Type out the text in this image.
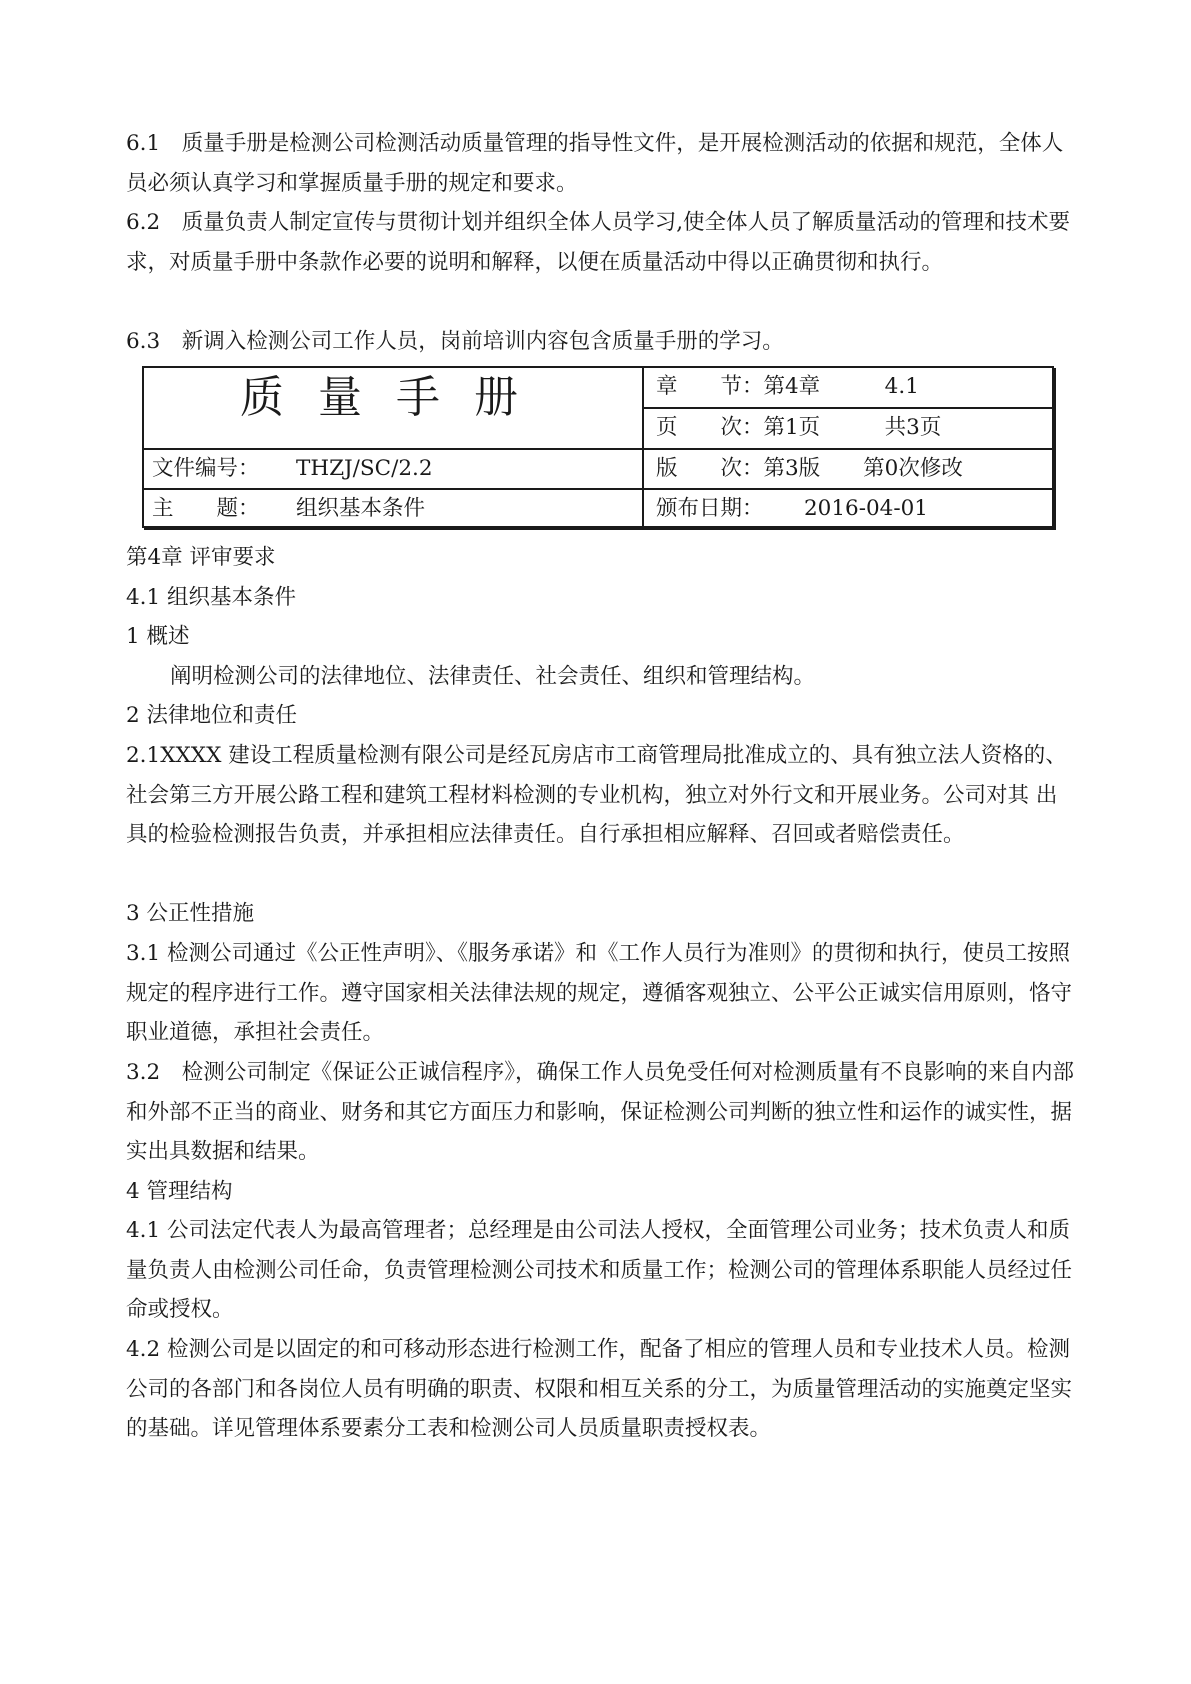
6.1　质量手册是检测公司检测活动质量管理的指导性文件，是开展检测活动的依据和规范，全体人员必须认真学习和掌握质量手册的规定和要求。

6.2　质量负责人制定宣传与贯彻计划并组织全体人员学习,使全体人员了解质量活动的管理和技术要求，对质量手册中条款作必要的说明和解释，以便在质量活动中得以正确贯彻和执行。

6.3　新调入检测公司工作人员，岗前培训内容包含质量手册的学习。

质量手册	章　　节：第4章　　　4.1
页　　次：第1页　　　共3页
文件编号： THZJ/SC/2.2	版　　次：第3版　　第0次修改
主　　题： 组织基本条件	颁布日期： 2016-04-01

第4章 评审要求

4.1 组织基本条件

1 概述

阐明检测公司的法律地位、法律责任、社会责任、组织和管理结构。

2 法律地位和责任

2.1XXXX 建设工程质量检测有限公司是经瓦房店市工商管理局批准成立的、具有独立法人资格的、社会第三方开展公路工程和建筑工程材料检测的专业机构，独立对外行文和开展业务。公司对其 出具的检验检测报告负责，并承担相应法律责任。自行承担相应解释、召回或者赔偿责任。

3 公正性措施

3.1 检测公司通过《公正性声明》、《服务承诺》和《工作人员行为准则》的贯彻和执行，使员工按照规定的程序进行工作。遵守国家相关法律法规的规定，遵循客观独立、公平公正诚实信用原则，恪守职业道德，承担社会责任。

3.2　检测公司制定《保证公正诚信程序》，确保工作人员免受任何对检测质量有不良影响的来自内部和外部不正当的商业、财务和其它方面压力和影响，保证检测公司判断的独立性和运作的诚实性，据实出具数据和结果。

4 管理结构

4.1 公司法定代表人为最高管理者；总经理是由公司法人授权，全面管理公司业务；技术负责人和质量负责人由检测公司任命，负责管理检测公司技术和质量工作；检测公司的管理体系职能人员经过任命或授权。

4.2 检测公司是以固定的和可移动形态进行检测工作，配备了相应的管理人员和专业技术人员。检测公司的各部门和各岗位人员有明确的职责、权限和相互关系的分工，为质量管理活动的实施奠定坚实的基础。详见管理体系要素分工表和检测公司人员质量职责授权表。
